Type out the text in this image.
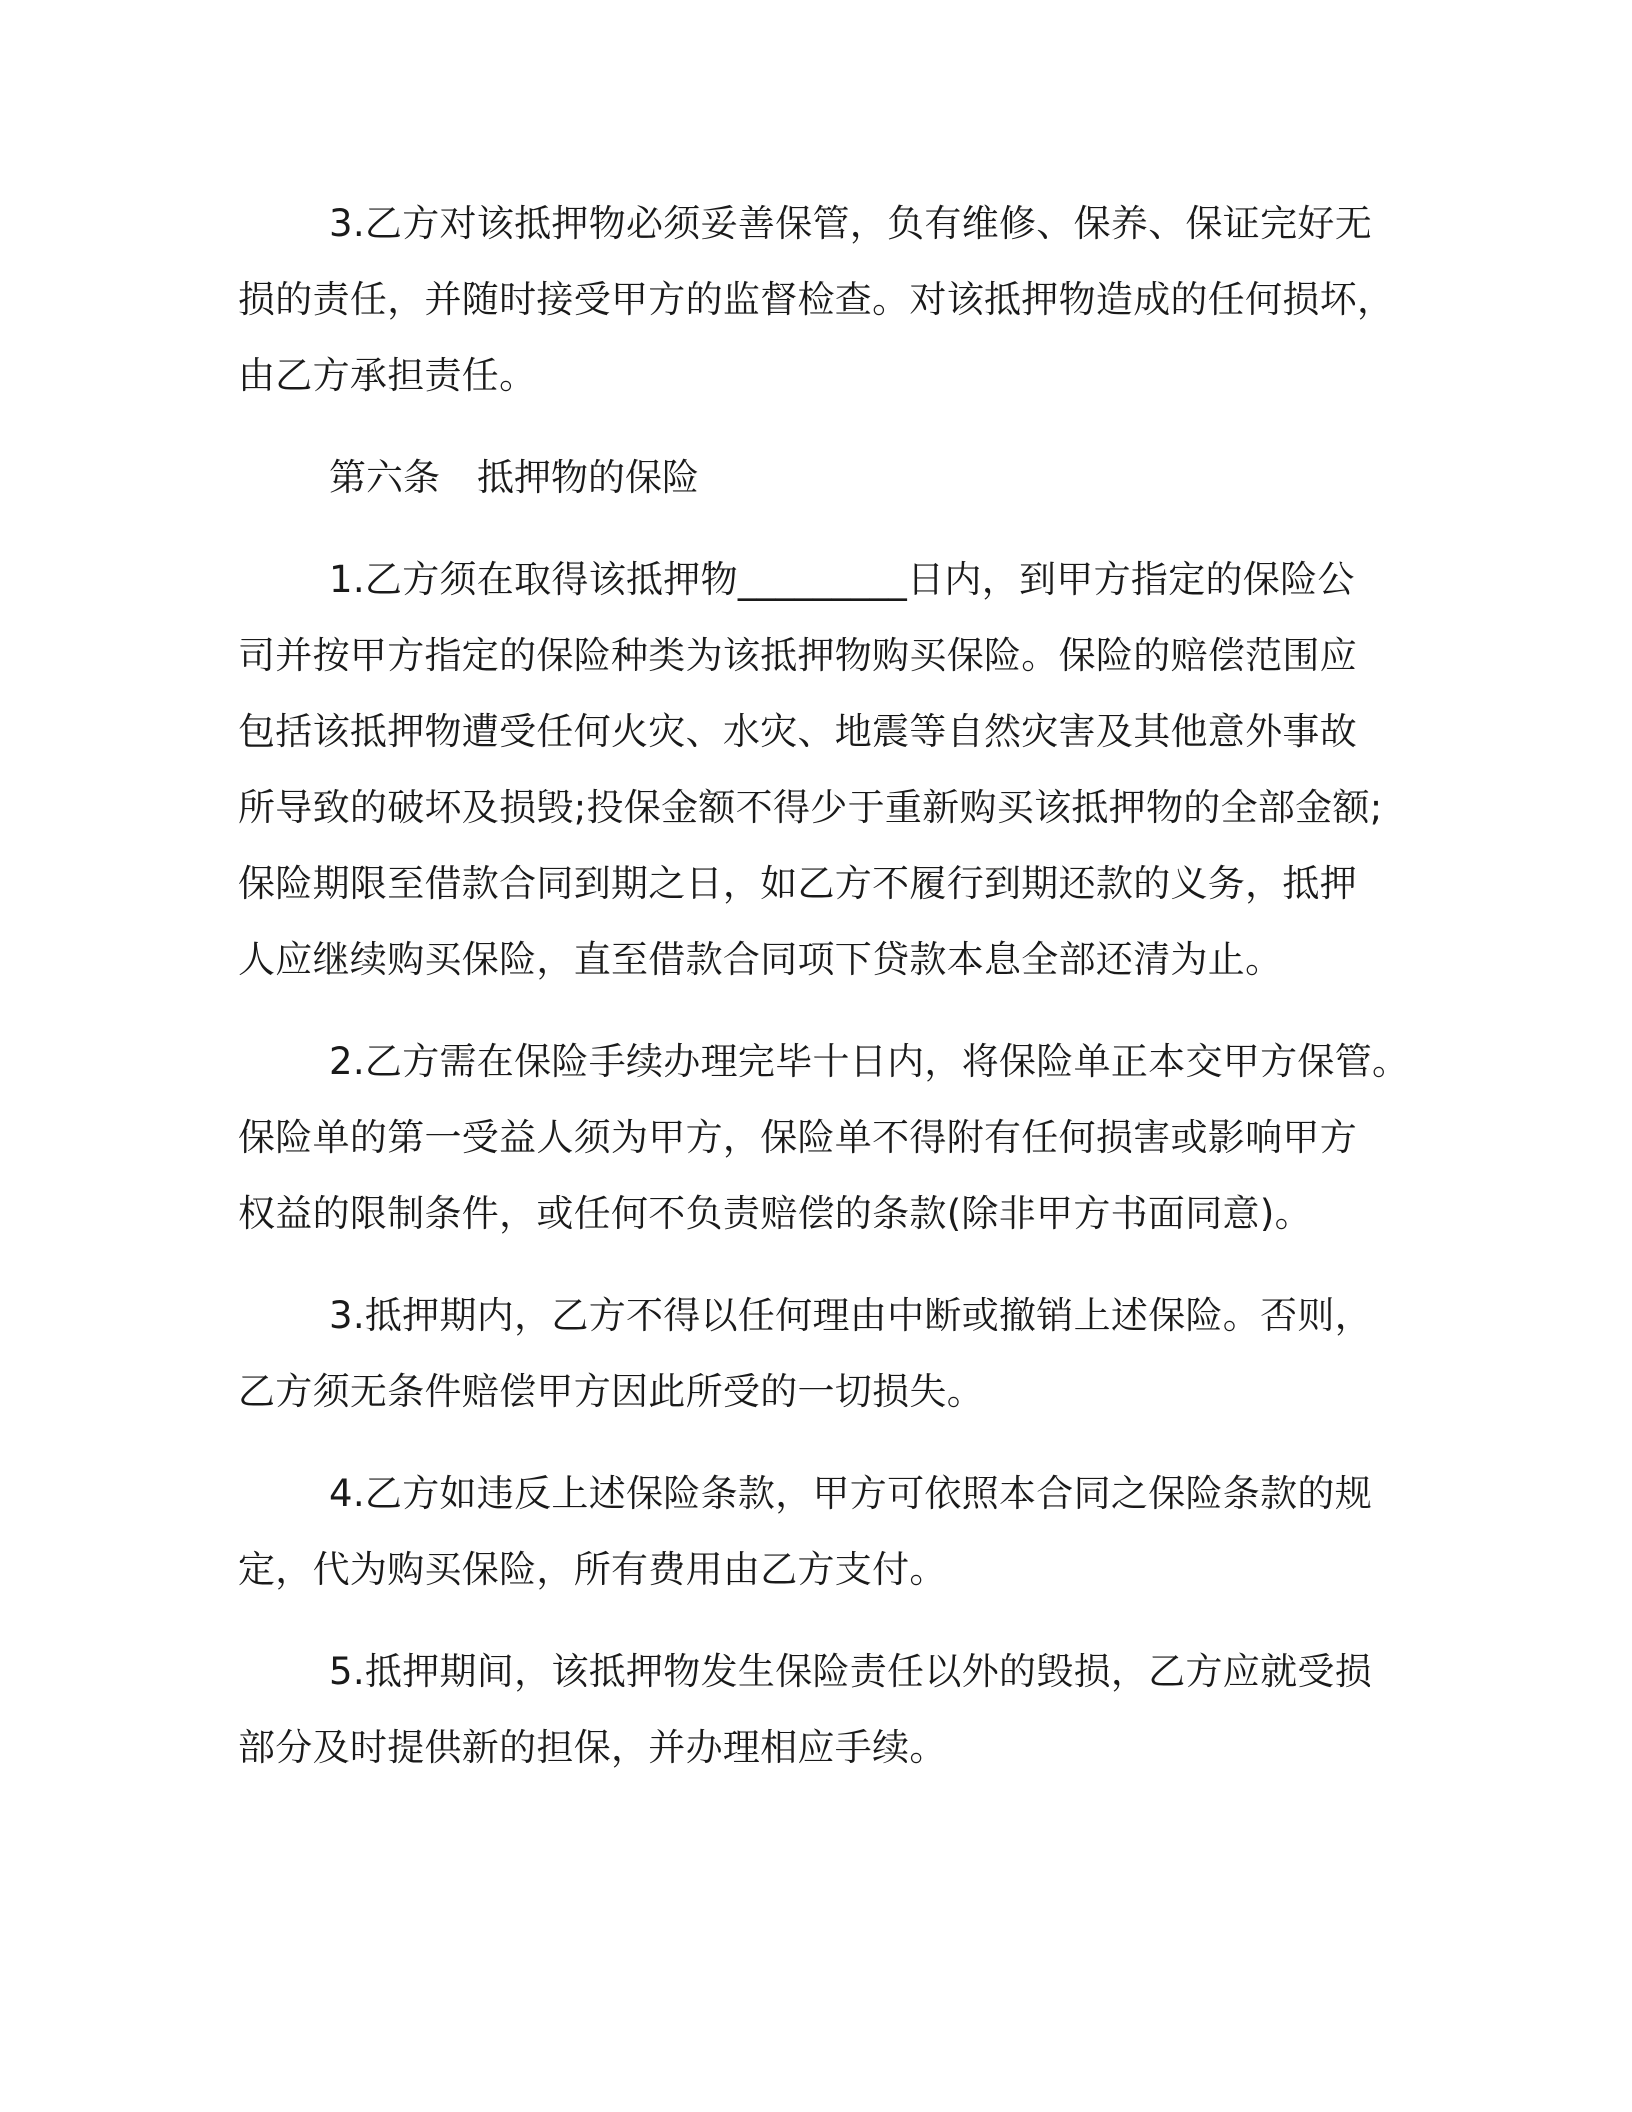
3.乙方对该抵押物必须妥善保管，负有维修、保养、保证完好无
损的责任，并随时接受甲方的监督检查。对该抵押物造成的任何损坏，
由乙方承担责任。

第六条　抵押物的保险

1.乙方须在取得该抵押物_________日内，到甲方指定的保险公
司并按甲方指定的保险种类为该抵押物购买保险。保险的赔偿范围应
包括该抵押物遭受任何火灾、水灾、地震等自然灾害及其他意外事故
所导致的破坏及损毁;投保金额不得少于重新购买该抵押物的全部金额;
保险期限至借款合同到期之日，如乙方不履行到期还款的义务，抵押
人应继续购买保险，直至借款合同项下贷款本息全部还清为止。

2.乙方需在保险手续办理完毕十日内，将保险单正本交甲方保管。
保险单的第一受益人须为甲方，保险单不得附有任何损害或影响甲方
权益的限制条件，或任何不负责赔偿的条款(除非甲方书面同意)。

3.抵押期内，乙方不得以任何理由中断或撤销上述保险。否则，
乙方须无条件赔偿甲方因此所受的一切损失。

4.乙方如违反上述保险条款，甲方可依照本合同之保险条款的规
定，代为购买保险，所有费用由乙方支付。

5.抵押期间，该抵押物发生保险责任以外的毁损，乙方应就受损
部分及时提供新的担保，并办理相应手续。
